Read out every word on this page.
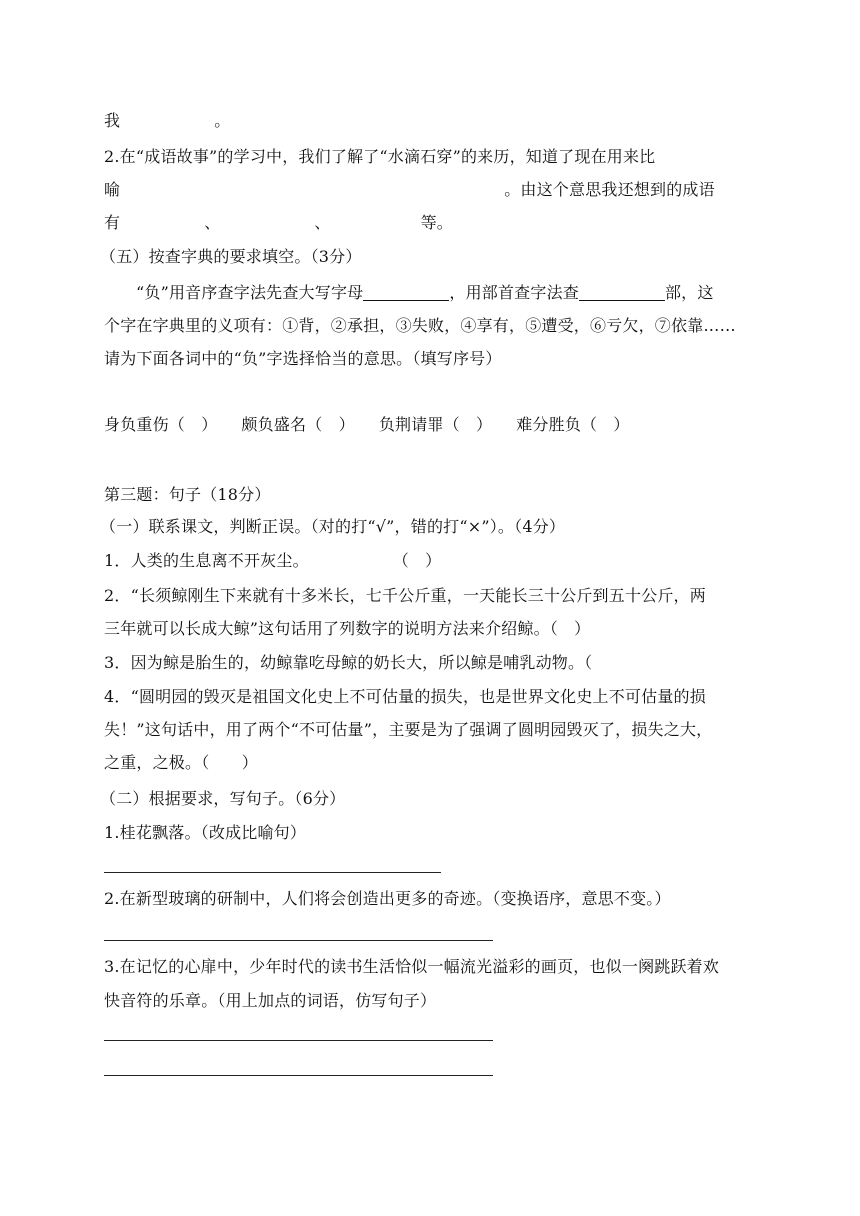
我	。
2.在“成语故事”的学习中，我们了解了“水滴石穿”的来历，知道了现在用来比
喻	。由这个意思我还想到的成语
有	、	、	等。
（五）按查字典的要求填空。（3分）
“负”用音序查字法先查大写字母	，用部首查字法查	部，这
个字在字典里的义项有：①背，②承担，③失败，④享有，⑤遭受，⑥亏欠，⑦依靠……
请为下面各词中的“负”字选择恰当的意思。（填写序号）
身负重伤（　） 颇负盛名（　） 负荆请罪（　） 难分胜负（　）
第三题：句子（18分）
（一）联系课文，判断正误。（对的打“√”，错的打“×”）。（4分）
1．人类的生息离不开灰尘。	（　）
2．“长须鲸刚生下来就有十多米长，七千公斤重，一天能长三十公斤到五十公斤，两
三年就可以长成大鲸”这句话用了列数字的说明方法来介绍鲸。（　）
3．因为鲸是胎生的，幼鲸靠吃母鲸的奶长大，所以鲸是哺乳动物。（
4．“圆明园的毁灭是祖国文化史上不可估量的损失，也是世界文化史上不可估量的损
失！”这句话中，用了两个“不可估量”，主要是为了强调了圆明园毁灭了，损失之大，
之重，之极。（　　）
（二）根据要求，写句子。（6分）
1.桂花飘落。（改成比喻句）
2.在新型玻璃的研制中，人们将会创造出更多的奇迹。（变换语序，意思不变。）
3.在记忆的心扉中，少年时代的读书生活恰似一幅流光溢彩的画页，也似一阕跳跃着欢
快音符的乐章。（用上加点的词语，仿写句子）
